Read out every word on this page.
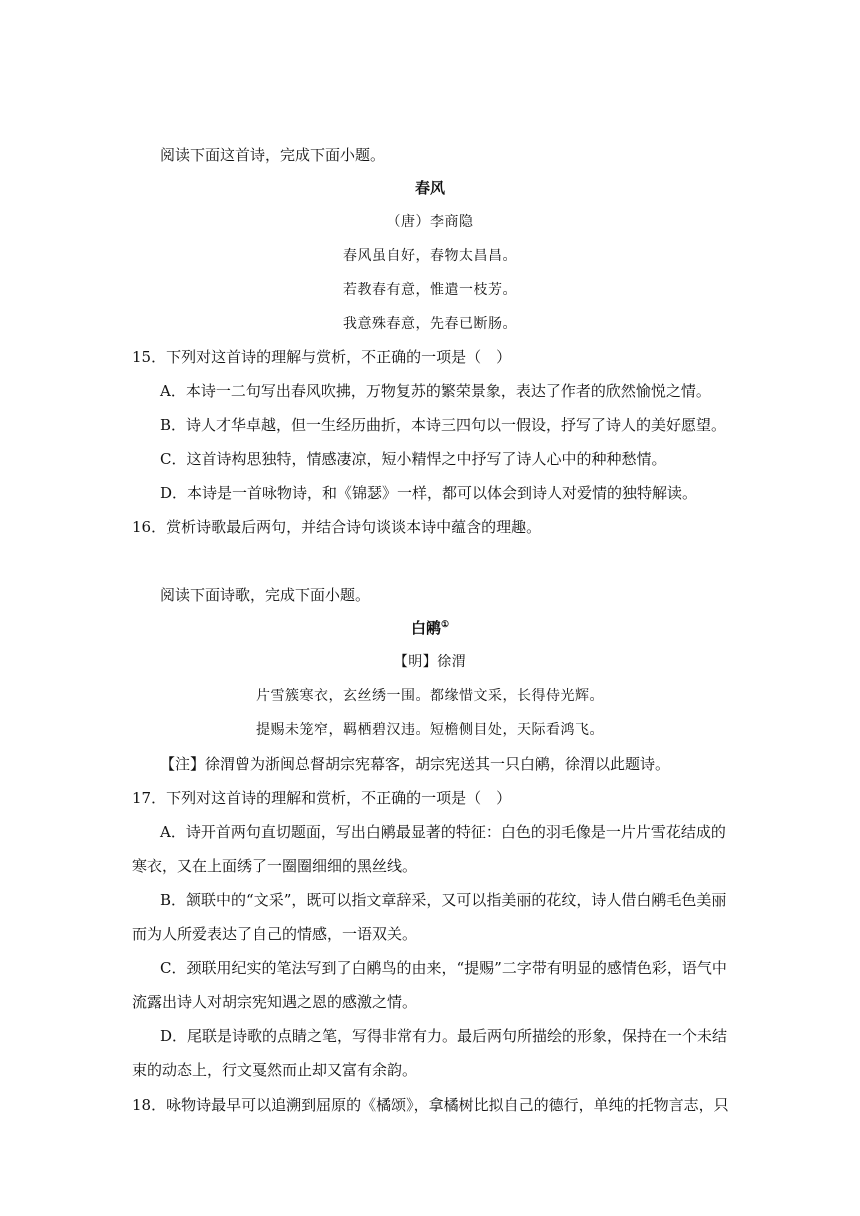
阅读下面这首诗，完成下面小题。
春风
（唐）李商隐
春风虽自好，春物太昌昌。
若教春有意，惟遣一枝芳。
我意殊春意，先春已断肠。
15．下列对这首诗的理解与赏析，不正确的一项是（　）
A．本诗一二句写出春风吹拂，万物复苏的繁荣景象，表达了作者的欣然愉悦之情。
B．诗人才华卓越，但一生经历曲折，本诗三四句以一假设，抒写了诗人的美好愿望。
C．这首诗构思独特，情感凄凉，短小精悍之中抒写了诗人心中的种种愁情。
D．本诗是一首咏物诗，和《锦瑟》一样，都可以体会到诗人对爱情的独特解读。
16．赏析诗歌最后两句，并结合诗句谈谈本诗中蕴含的理趣。
阅读下面诗歌，完成下面小题。
白鹇①
【明】徐渭
片雪簇寒衣，玄丝绣一围。都缘惜文采，长得侍光辉。
提赐未笼窄，羁栖碧汉违。短檐侧目处，天际看鸿飞。
【注】徐渭曾为浙闽总督胡宗宪幕客，胡宗宪送其一只白鹇，徐渭以此题诗。
17．下列对这首诗的理解和赏析，不正确的一项是（　）
A．诗开首两句直切题面，写出白鹇最显著的特征：白色的羽毛像是一片片雪花结成的
寒衣，又在上面绣了一圈圈细细的黑丝线。
B．颔联中的“文采”，既可以指文章辞采，又可以指美丽的花纹，诗人借白鹇毛色美丽
而为人所爱表达了自己的情感，一语双关。
C．颈联用纪实的笔法写到了白鹇鸟的由来，“提赐”二字带有明显的感情色彩，语气中
流露出诗人对胡宗宪知遇之恩的感激之情。
D．尾联是诗歌的点睛之笔，写得非常有力。最后两句所描绘的形象，保持在一个未结
束的动态上，行文戛然而止却又富有余韵。
18．咏物诗最早可以追溯到屈原的《橘颂》，拿橘树比拟自己的德行，单纯的托物言志，只
